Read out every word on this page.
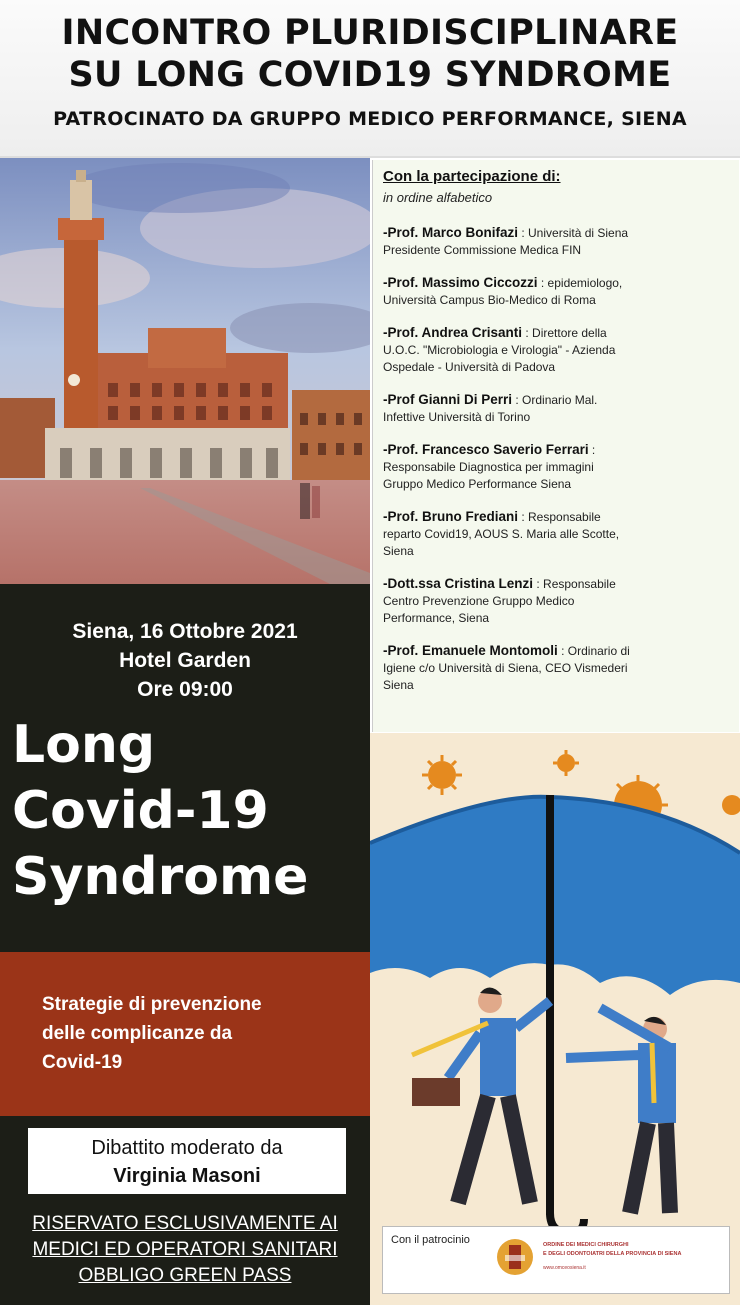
INCONTRO PLURIDISCIPLINARE
SU LONG COVID19 SYNDROME
PATROCINATO DA GRUPPO MEDICO PERFORMANCE, SIENA
Siena, 16 Ottobre 2021
Hotel Garden
Ore 09:00
Long
Covid-19
Syndrome
Strategie di prevenzione
delle complicanze da
Covid-19
Dibattito moderato da
Virginia Masoni
RISERVATO ESCLUSIVAMENTE AI
MEDICI ED OPERATORI SANITARI
OBBLIGO GREEN PASS
Con la partecipazione di:
in ordine alfabetico
-Prof. Marco Bonifazi : Università di Siena
Presidente Commissione Medica FIN
-Prof. Massimo Ciccozzi : epidemiologo,
Università Campus Bio-Medico di Roma
-Prof. Andrea Crisanti : Direttore della
U.O.C. "Microbiologia e Virologia" - Azienda
Ospedale - Università di Padova
-Prof Gianni Di Perri : Ordinario Mal.
Infettive Università di Torino
-Prof. Francesco Saverio Ferrari :
Responsabile Diagnostica per immagini
Gruppo Medico Performance Siena
-Prof. Bruno Frediani : Responsabile
reparto Covid19, AOUS S. Maria alle Scotte,
Siena
-Dott.ssa Cristina Lenzi : Responsabile
Centro Prevenzione Gruppo Medico
Performance, Siena
-Prof. Emanuele Montomoli : Ordinario di
Igiene c/o Università di Siena, CEO Vismederi
Siena
Con il patrocinio	ORDINE DEI MEDICI CHIRURGHI
E DEGLI ODONTOIATRI DELLA PROVINCIA DI SIENA
www.omceosiena.it
